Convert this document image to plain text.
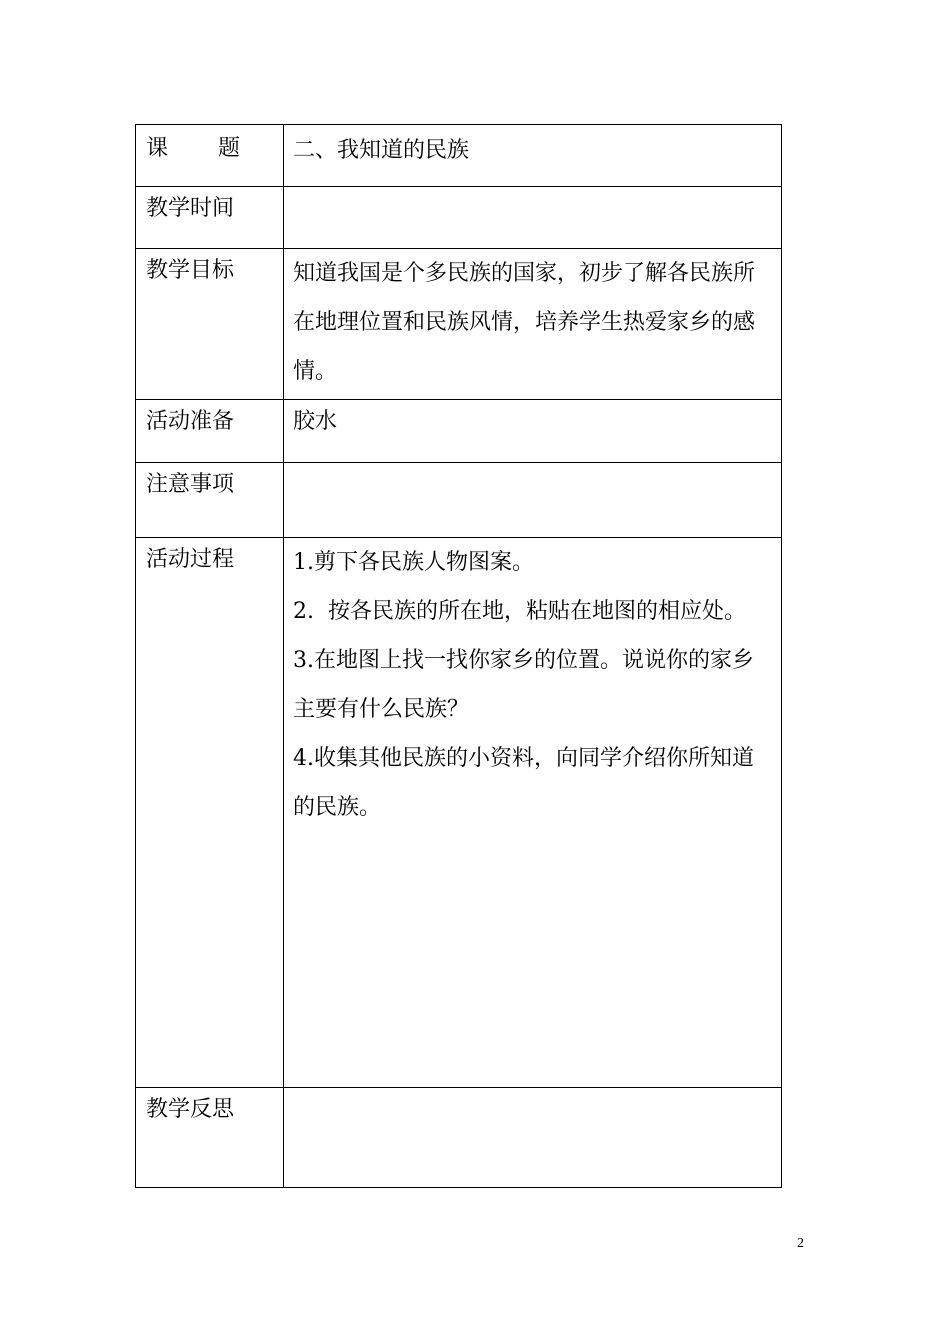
课 题	二、我知道的民族
教学时间	
教学目标	知道我国是个多民族的国家，初步了解各民族所在地理位置和民族风情，培养学生热爱家乡的感情。
活动准备	胶水
注意事项	
活动过程	1.剪下各民族人物图案。
2.  按各民族的所在地，粘贴在地图的相应处。
3.在地图上找一找你家乡的位置。说说你的家乡主要有什么民族？
4.收集其他民族的小资料，向同学介绍你所知道的民族。

教学反思	
2
